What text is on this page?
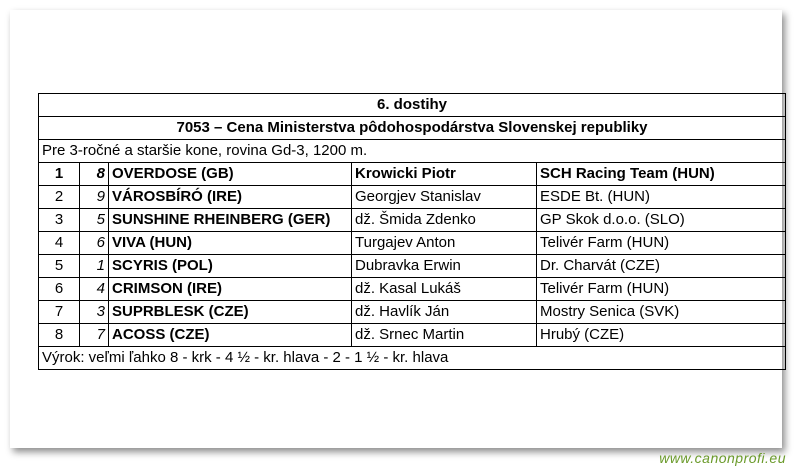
6. dostihy				
7053 – Cena Ministerstva pôdohospodárstva Slovenskej republiky				
Pre 3-ročné a staršie kone, rovina Gd-3, 1200 m.				
1	8	OVERDOSE (GB)	Krowicki Piotr	SCH Racing Team (HUN)
2	9	VÁROSBÍRÓ (IRE)	Georgjev Stanislav	ESDE Bt. (HUN)
3	5	SUNSHINE RHEINBERG (GER)	dž. Šmida Zdenko	GP Skok d.o.o. (SLO)
4	6	VIVA (HUN)	Turgajev Anton	Telivér Farm (HUN)
5	1	SCYRIS (POL)	Dubravka Erwin	Dr. Charvát (CZE)
6	4	CRIMSON (IRE)	dž. Kasal Lukáš	Telivér Farm (HUN)
7	3	SUPRBLESK (CZE)	dž. Havlík Ján	Mostry Senica (SVK)
8	7	ACOSS (CZE)	dž. Srnec Martin	Hrubý (CZE)
Výrok: veľmi ľahko 8 - krk - 4 ½ - kr. hlava - 2 - 1 ½ - kr. hlava				
www.canonprofi.eu
